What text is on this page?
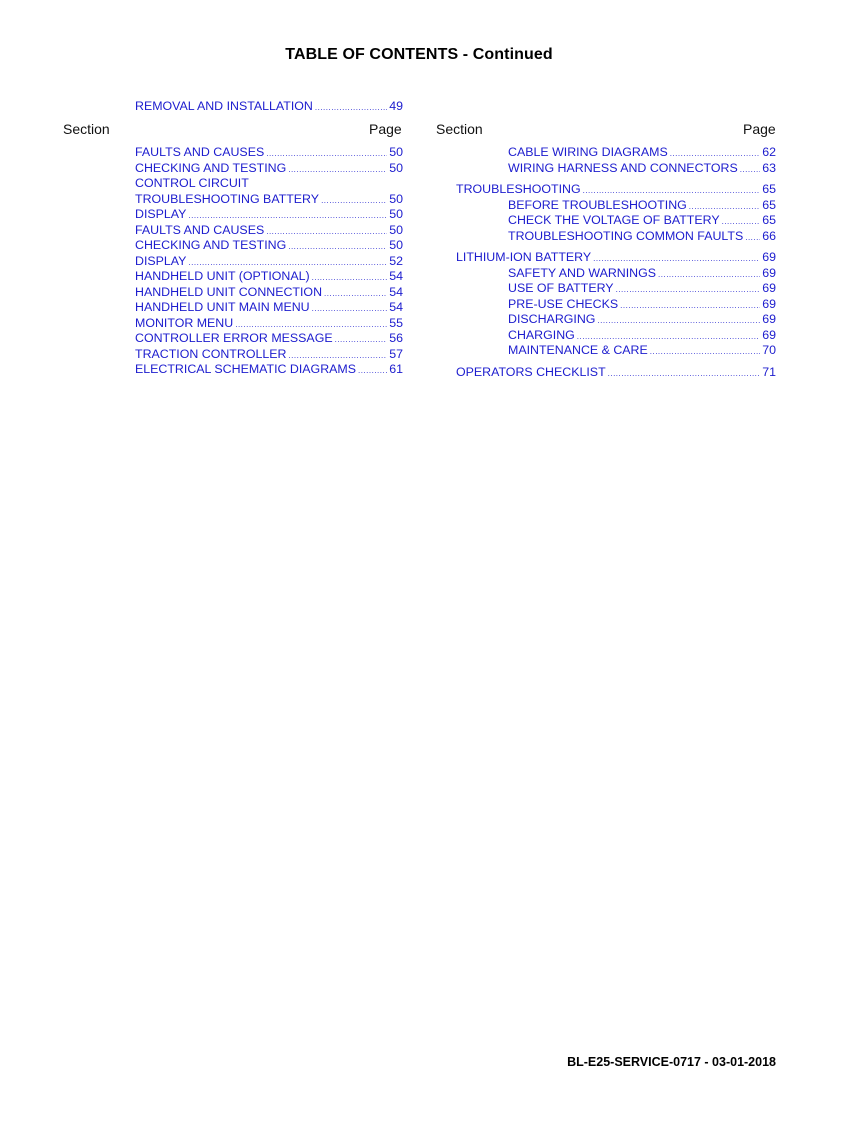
TABLE OF CONTENTS - Continued
REMOVAL AND INSTALLATION .....	49
Section	Page Section	Page
FAULTS AND CAUSES .....	50
CHECKING AND TESTING .....	50
CONTROL CIRCUIT
TROUBLESHOOTING BATTERY .....	50
DISPLAY .....	50
FAULTS AND CAUSES .....	50
CHECKING AND TESTING .....	50
DISPLAY .....	52
HANDHELD UNIT (OPTIONAL) .....	54
HANDHELD UNIT CONNECTION .....	54
HANDHELD UNIT MAIN MENU .....	54
MONITOR MENU .....	55
CONTROLLER ERROR MESSAGE .....	56
TRACTION CONTROLLER .....	57
ELECTRICAL SCHEMATIC DIAGRAMS .....	61
CABLE WIRING DIAGRAMS .....	62
WIRING HARNESS AND CONNECTORS ..... 63
TROUBLESHOOTING .....	65
BEFORE TROUBLESHOOTING .....	65
CHECK THE VOLTAGE OF BATTERY .....	65
TROUBLESHOOTING COMMON FAULTS ..... 66
LITHIUM-ION BATTERY .....	69
SAFETY AND WARNINGS .....	69
USE OF BATTERY .....	69
PRE-USE CHECKS .....	69
DISCHARGING .....	69
CHARGING .....	69
MAINTENANCE & CARE .....	70
OPERATORS CHECKLIST .....	71
BL-E25-SERVICE-0717 - 03-01-2018
